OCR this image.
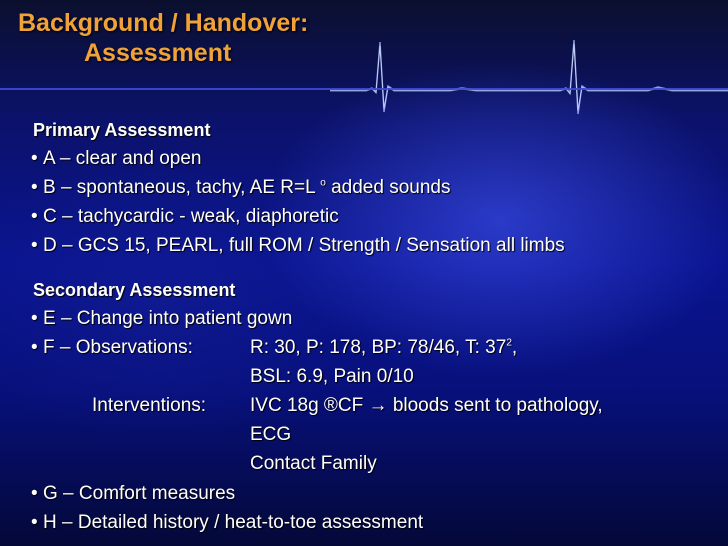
Background / Handover:
Assessment
Primary Assessment
• A – clear and open
• B – spontaneous, tachy, AE R=L $^o$ added sounds
• C – tachycardic - weak, diaphoretic
• D – GCS 15, PEARL, full ROM / Strength / Sensation all limbs
Secondary Assessment
• E – Change into patient gown
• F – Observations:	R: 30, P: 178, BP: 78/46, T: $37^2$,
BSL: 6.9, Pain 0/10
Interventions: IVC 18g ®CF → bloods sent to pathology,
ECG
Contact Family
• G – Comfort measures
• H – Detailed history / heat-to-toe assessment
